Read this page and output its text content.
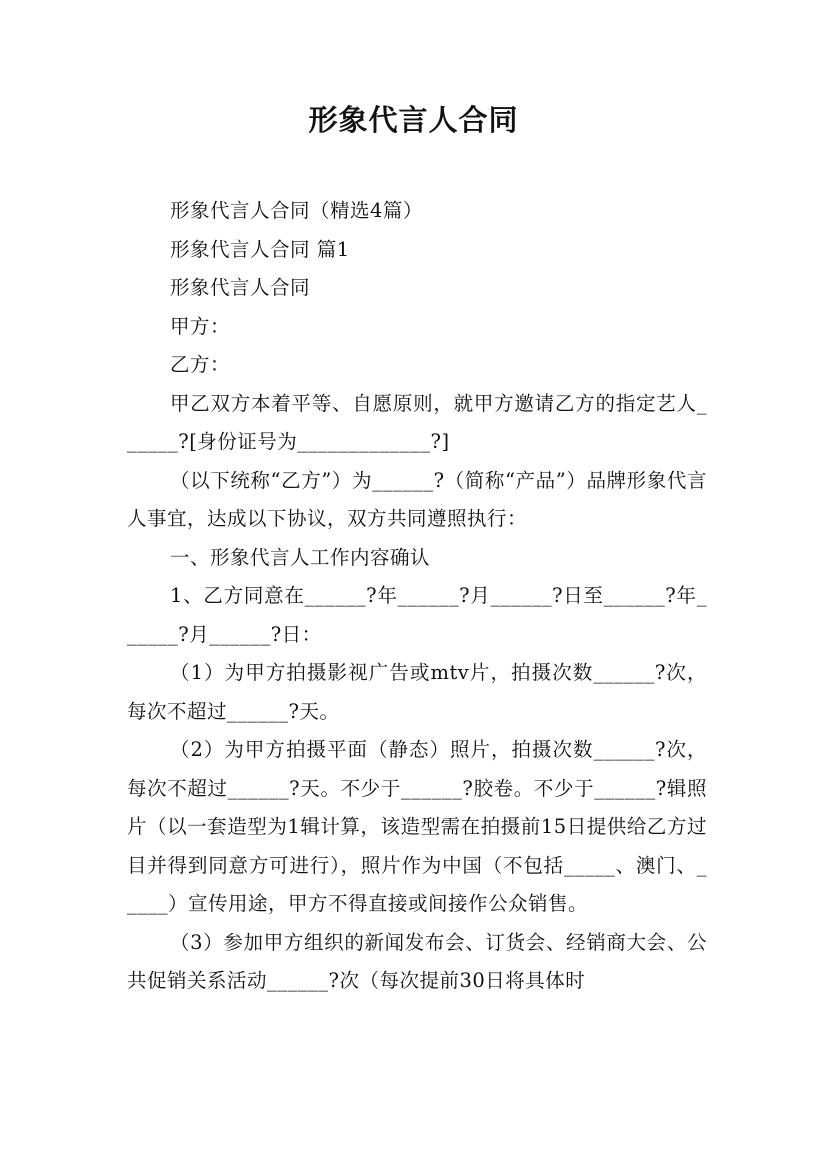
形象代言人合同

形象代言人合同（精选4篇）

形象代言人合同 篇1

形象代言人合同

甲方：

乙方：

甲乙双方本着平等、自愿原则，就甲方邀请乙方的指定艺人______?[身份证号为_____________?]

（以下统称“乙方”）为______?（简称“产品”）品牌形象代言人事宜，达成以下协议，双方共同遵照执行：

一、形象代言人工作内容确认

1、乙方同意在______?年______?月______?日至______?年______?月______?日：

（1）为甲方拍摄影视广告或mtv片，拍摄次数______?次，每次不超过______?天。

（2）为甲方拍摄平面（静态）照片，拍摄次数______?次，每次不超过______?天。不少于______?胶卷。不少于______?辑照片（以一套造型为1辑计算，该造型需在拍摄前15日提供给乙方过目并得到同意方可进行），照片作为中国（不包括_____、澳门、_____）宣传用途，甲方不得直接或间接作公众销售。

（3）参加甲方组织的新闻发布会、订货会、经销商大会、公共促销关系活动______?次（每次提前30日将具体时
